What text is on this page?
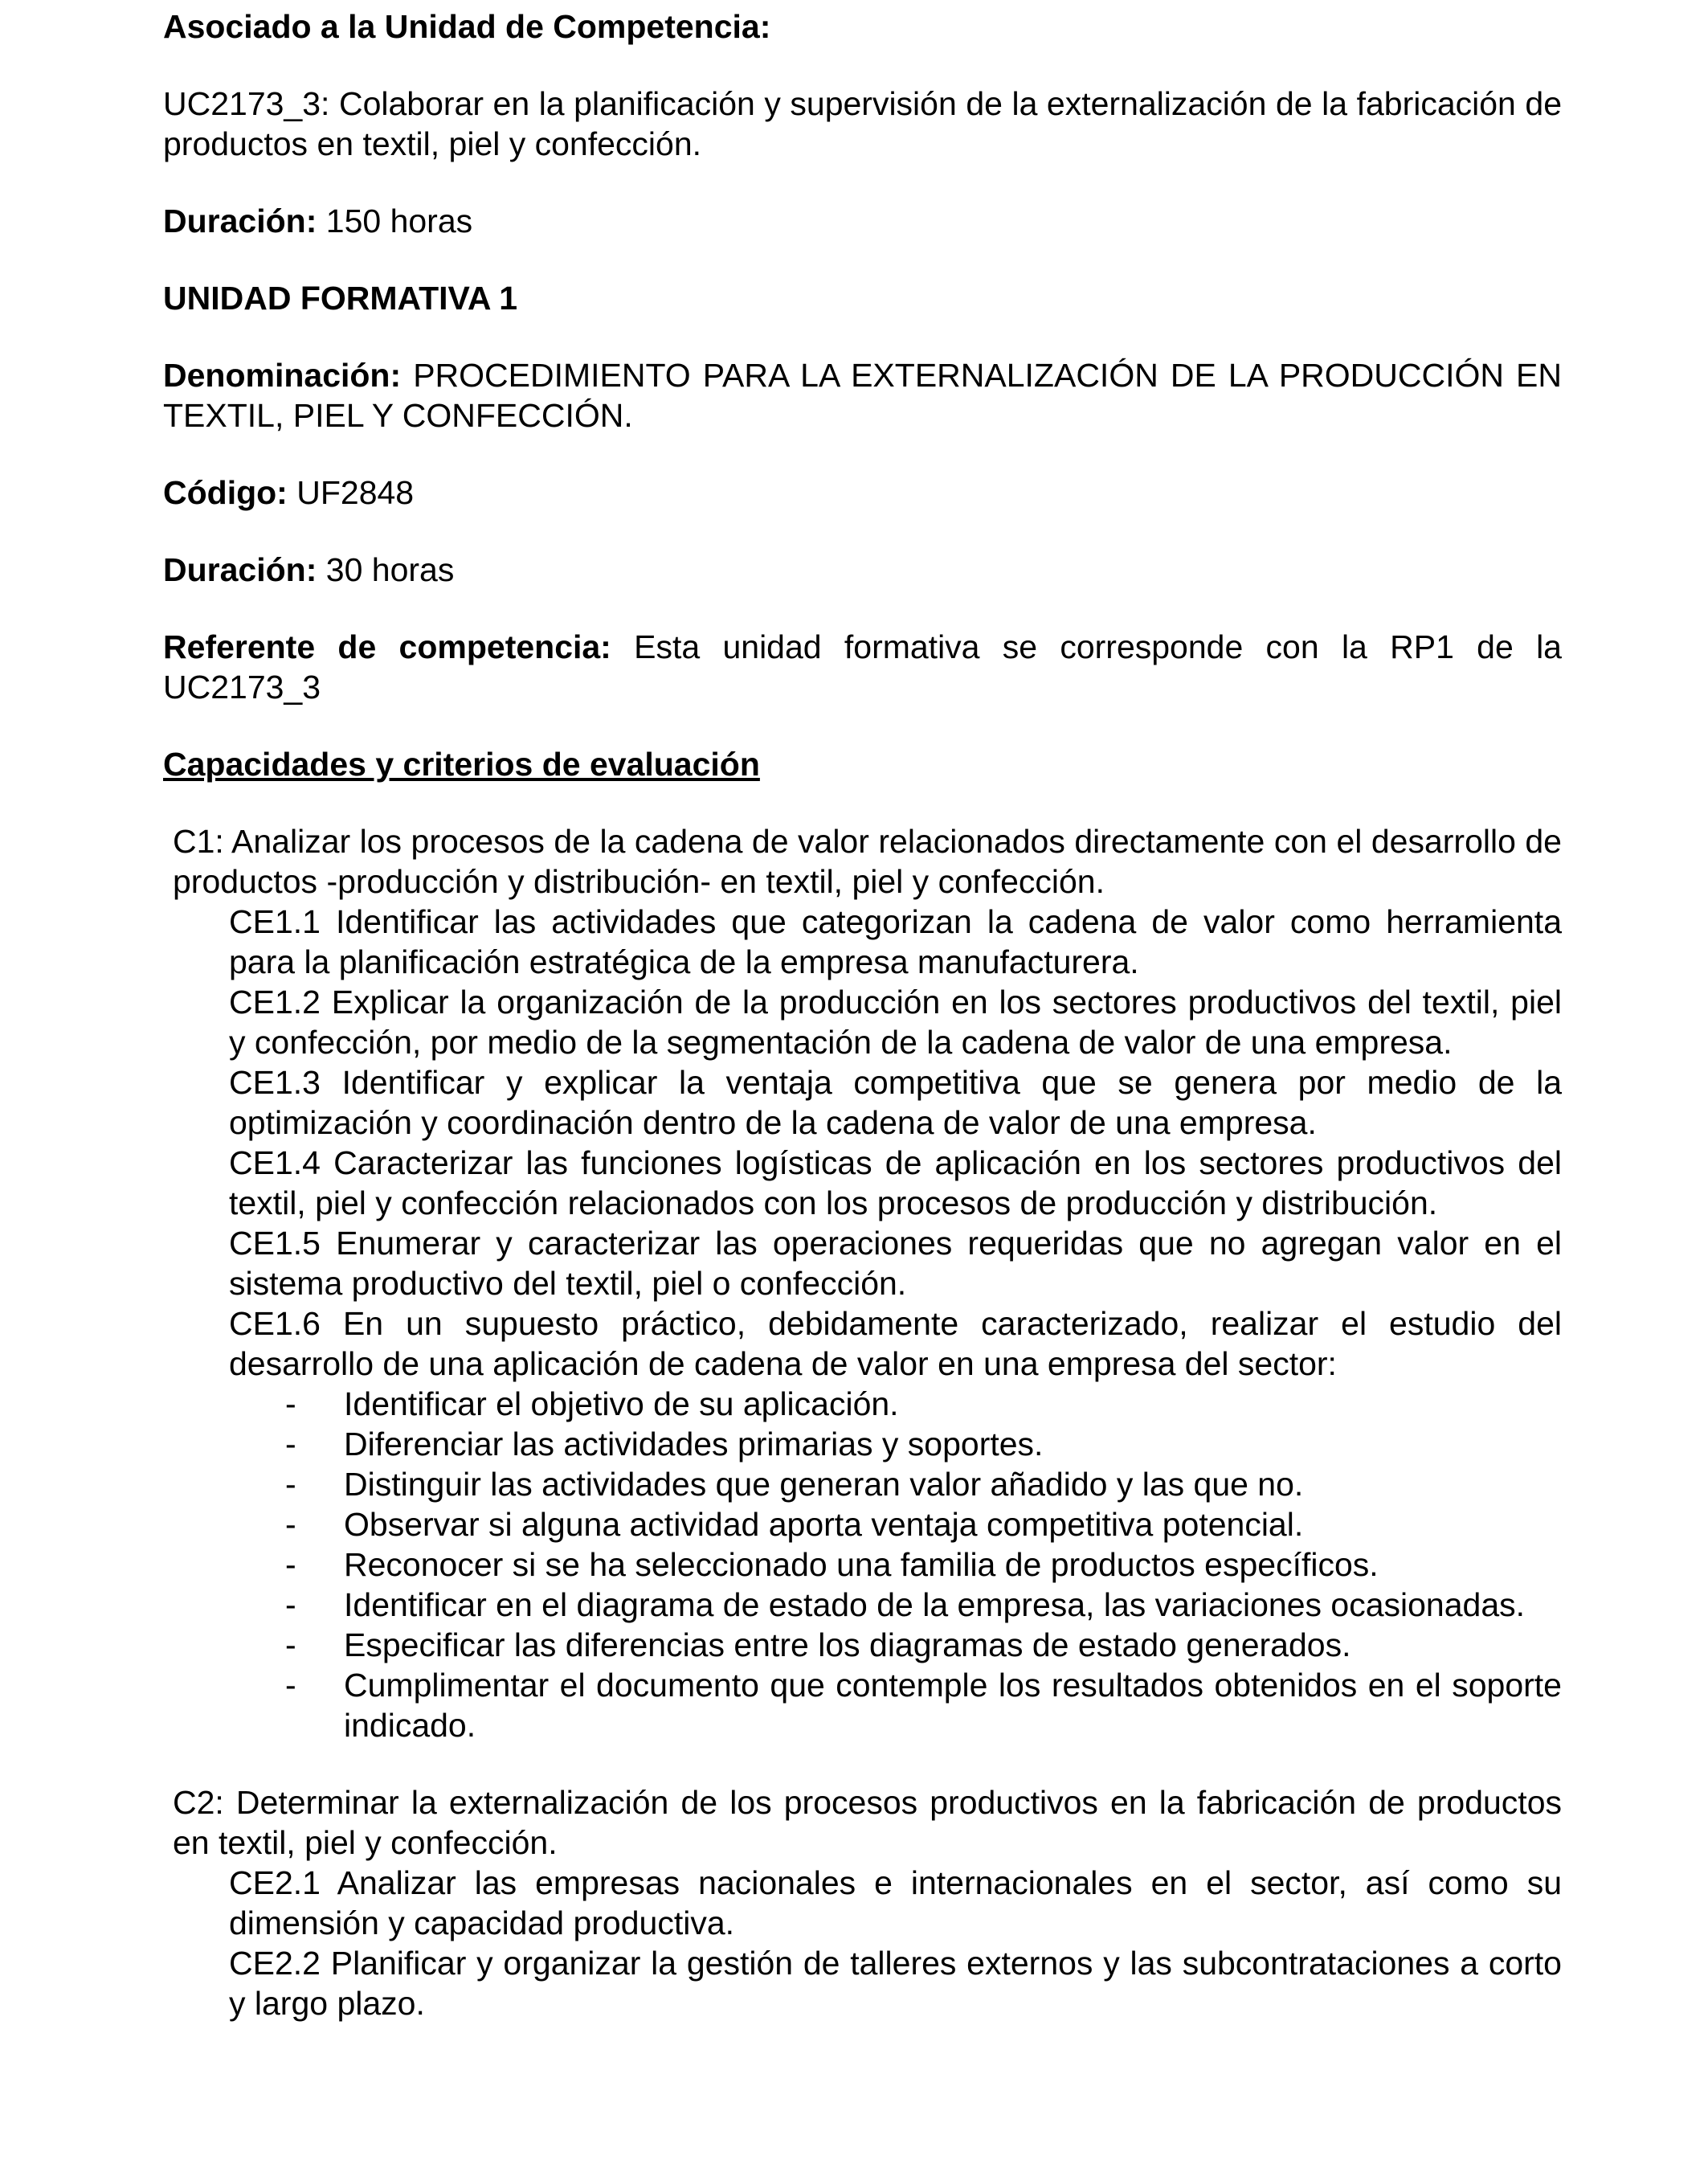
Asociado a la Unidad de Competencia:

UC2173_3: Colaborar en la planificación y supervisión de la externalización de la fabricación de productos en textil, piel y confección.

Duración: 150 horas

UNIDAD FORMATIVA 1

Denominación: PROCEDIMIENTO PARA LA EXTERNALIZACIÓN DE LA PRODUCCIÓN EN TEXTIL, PIEL Y CONFECCIÓN.

Código: UF2848

Duración: 30 horas

Referente de competencia: Esta unidad formativa se corresponde con la RP1 de la UC2173_3

Capacidades y criterios de evaluación

C1: Analizar los procesos de la cadena de valor relacionados directamente con el desarrollo de productos -producción y distribución- en textil, piel y confección.

CE1.1 Identificar las actividades que categorizan la cadena de valor como herramienta para la planificación estratégica de la empresa manufacturera.

CE1.2 Explicar la organización de la producción en los sectores productivos del textil, piel y confección, por medio de la segmentación de la cadena de valor de una empresa.

CE1.3 Identificar y explicar la ventaja competitiva que se genera por medio de la optimización y coordinación dentro de la cadena de valor de una empresa.

CE1.4 Caracterizar las funciones logísticas de aplicación en los sectores productivos del textil, piel y confección relacionados con los procesos de producción y distribución.

CE1.5 Enumerar y caracterizar las operaciones requeridas que no agregan valor en el sistema productivo del textil, piel o confección.

CE1.6 En un supuesto práctico, debidamente caracterizado, realizar el estudio del desarrollo de una aplicación de cadena de valor en una empresa del sector:

- Identificar el objetivo de su aplicación.
- Diferenciar las actividades primarias y soportes.
- Distinguir las actividades que generan valor añadido y las que no.
- Observar si alguna actividad aporta ventaja competitiva potencial.
- Reconocer si se ha seleccionado una familia de productos específicos.
- Identificar en el diagrama de estado de la empresa, las variaciones ocasionadas.
- Especificar las diferencias entre los diagramas de estado generados.
- Cumplimentar el documento que contemple los resultados obtenidos en el soporte indicado.

C2: Determinar la externalización de los procesos productivos en la fabricación de productos en textil, piel y confección.

CE2.1 Analizar las empresas nacionales e internacionales en el sector, así como su dimensión y capacidad productiva.

CE2.2 Planificar y organizar la gestión de talleres externos y las subcontrataciones a corto y largo plazo.
